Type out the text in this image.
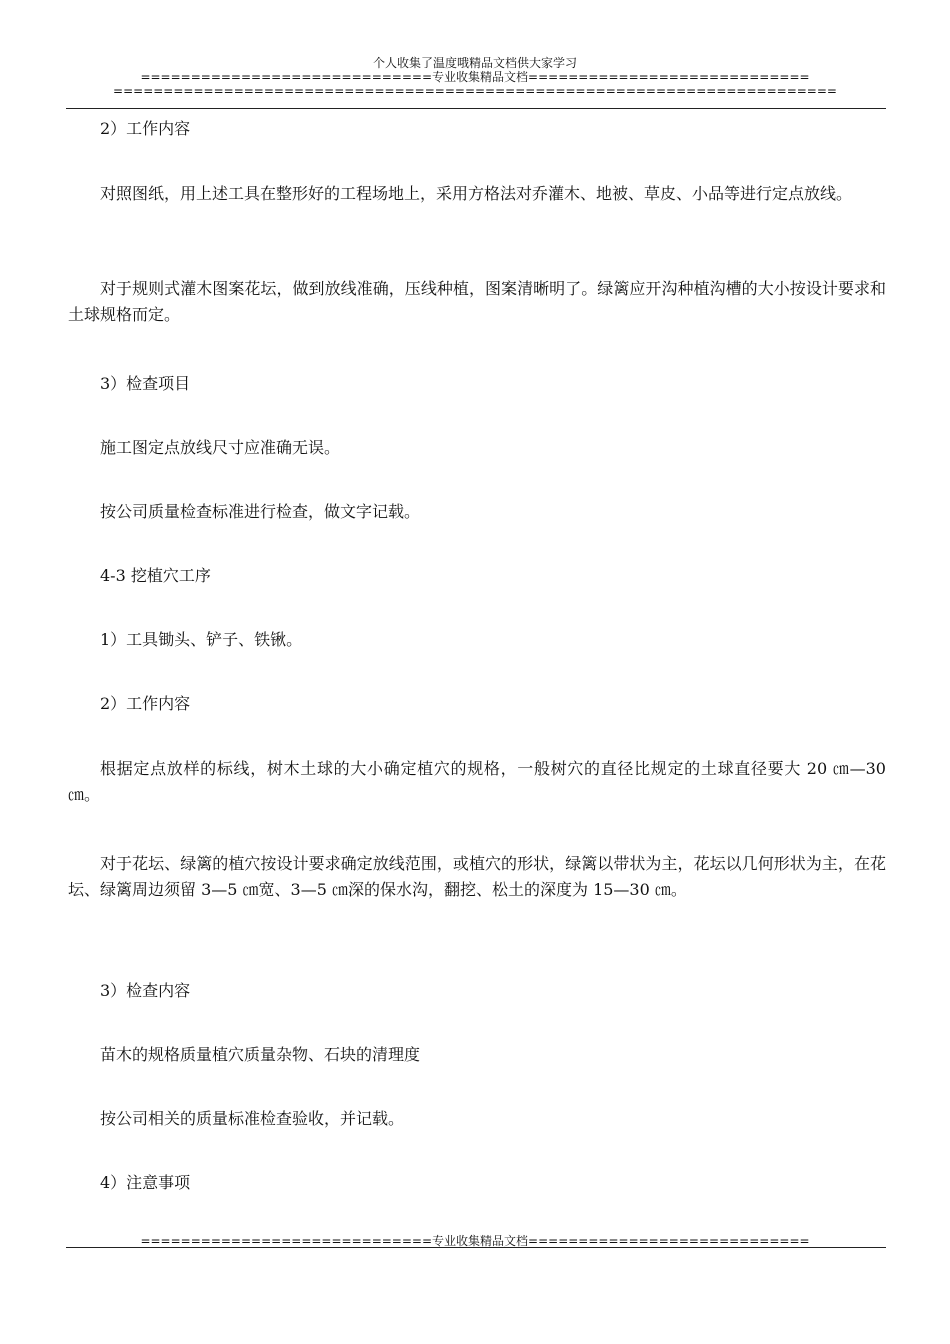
个人收集了温度哦精品文档供大家学习
=============================专业收集精品文档============================
========================================================================

2）工作内容

对照图纸，用上述工具在整形好的工程场地上，采用方格法对乔灌木、地被、草皮、小品等进行定点放线。

对于规则式灌木图案花坛，做到放线准确，压线种植，图案清晰明了。绿篱应开沟种植沟槽的大小按设计要求和土球规格而定。

3）检查项目

施工图定点放线尺寸应准确无误。

按公司质量检查标准进行检查，做文字记载。

4-3 挖植穴工序

1）工具锄头、铲子、铁锹。

2）工作内容

根据定点放样的标线，树木土球的大小确定植穴的规格，一般树穴的直径比规定的土球直径要大 20 ㎝—30 ㎝。

对于花坛、绿篱的植穴按设计要求确定放线范围，或植穴的形状，绿篱以带状为主，花坛以几何形状为主，在花坛、绿篱周边须留 3—5 ㎝宽、3—5 ㎝深的保水沟，翻挖、松土的深度为 15—30 ㎝。

3）检查内容

苗木的规格质量植穴质量杂物、石块的清理度

按公司相关的质量标准检查验收，并记载。

4）注意事项

=============================专业收集精品文档============================
